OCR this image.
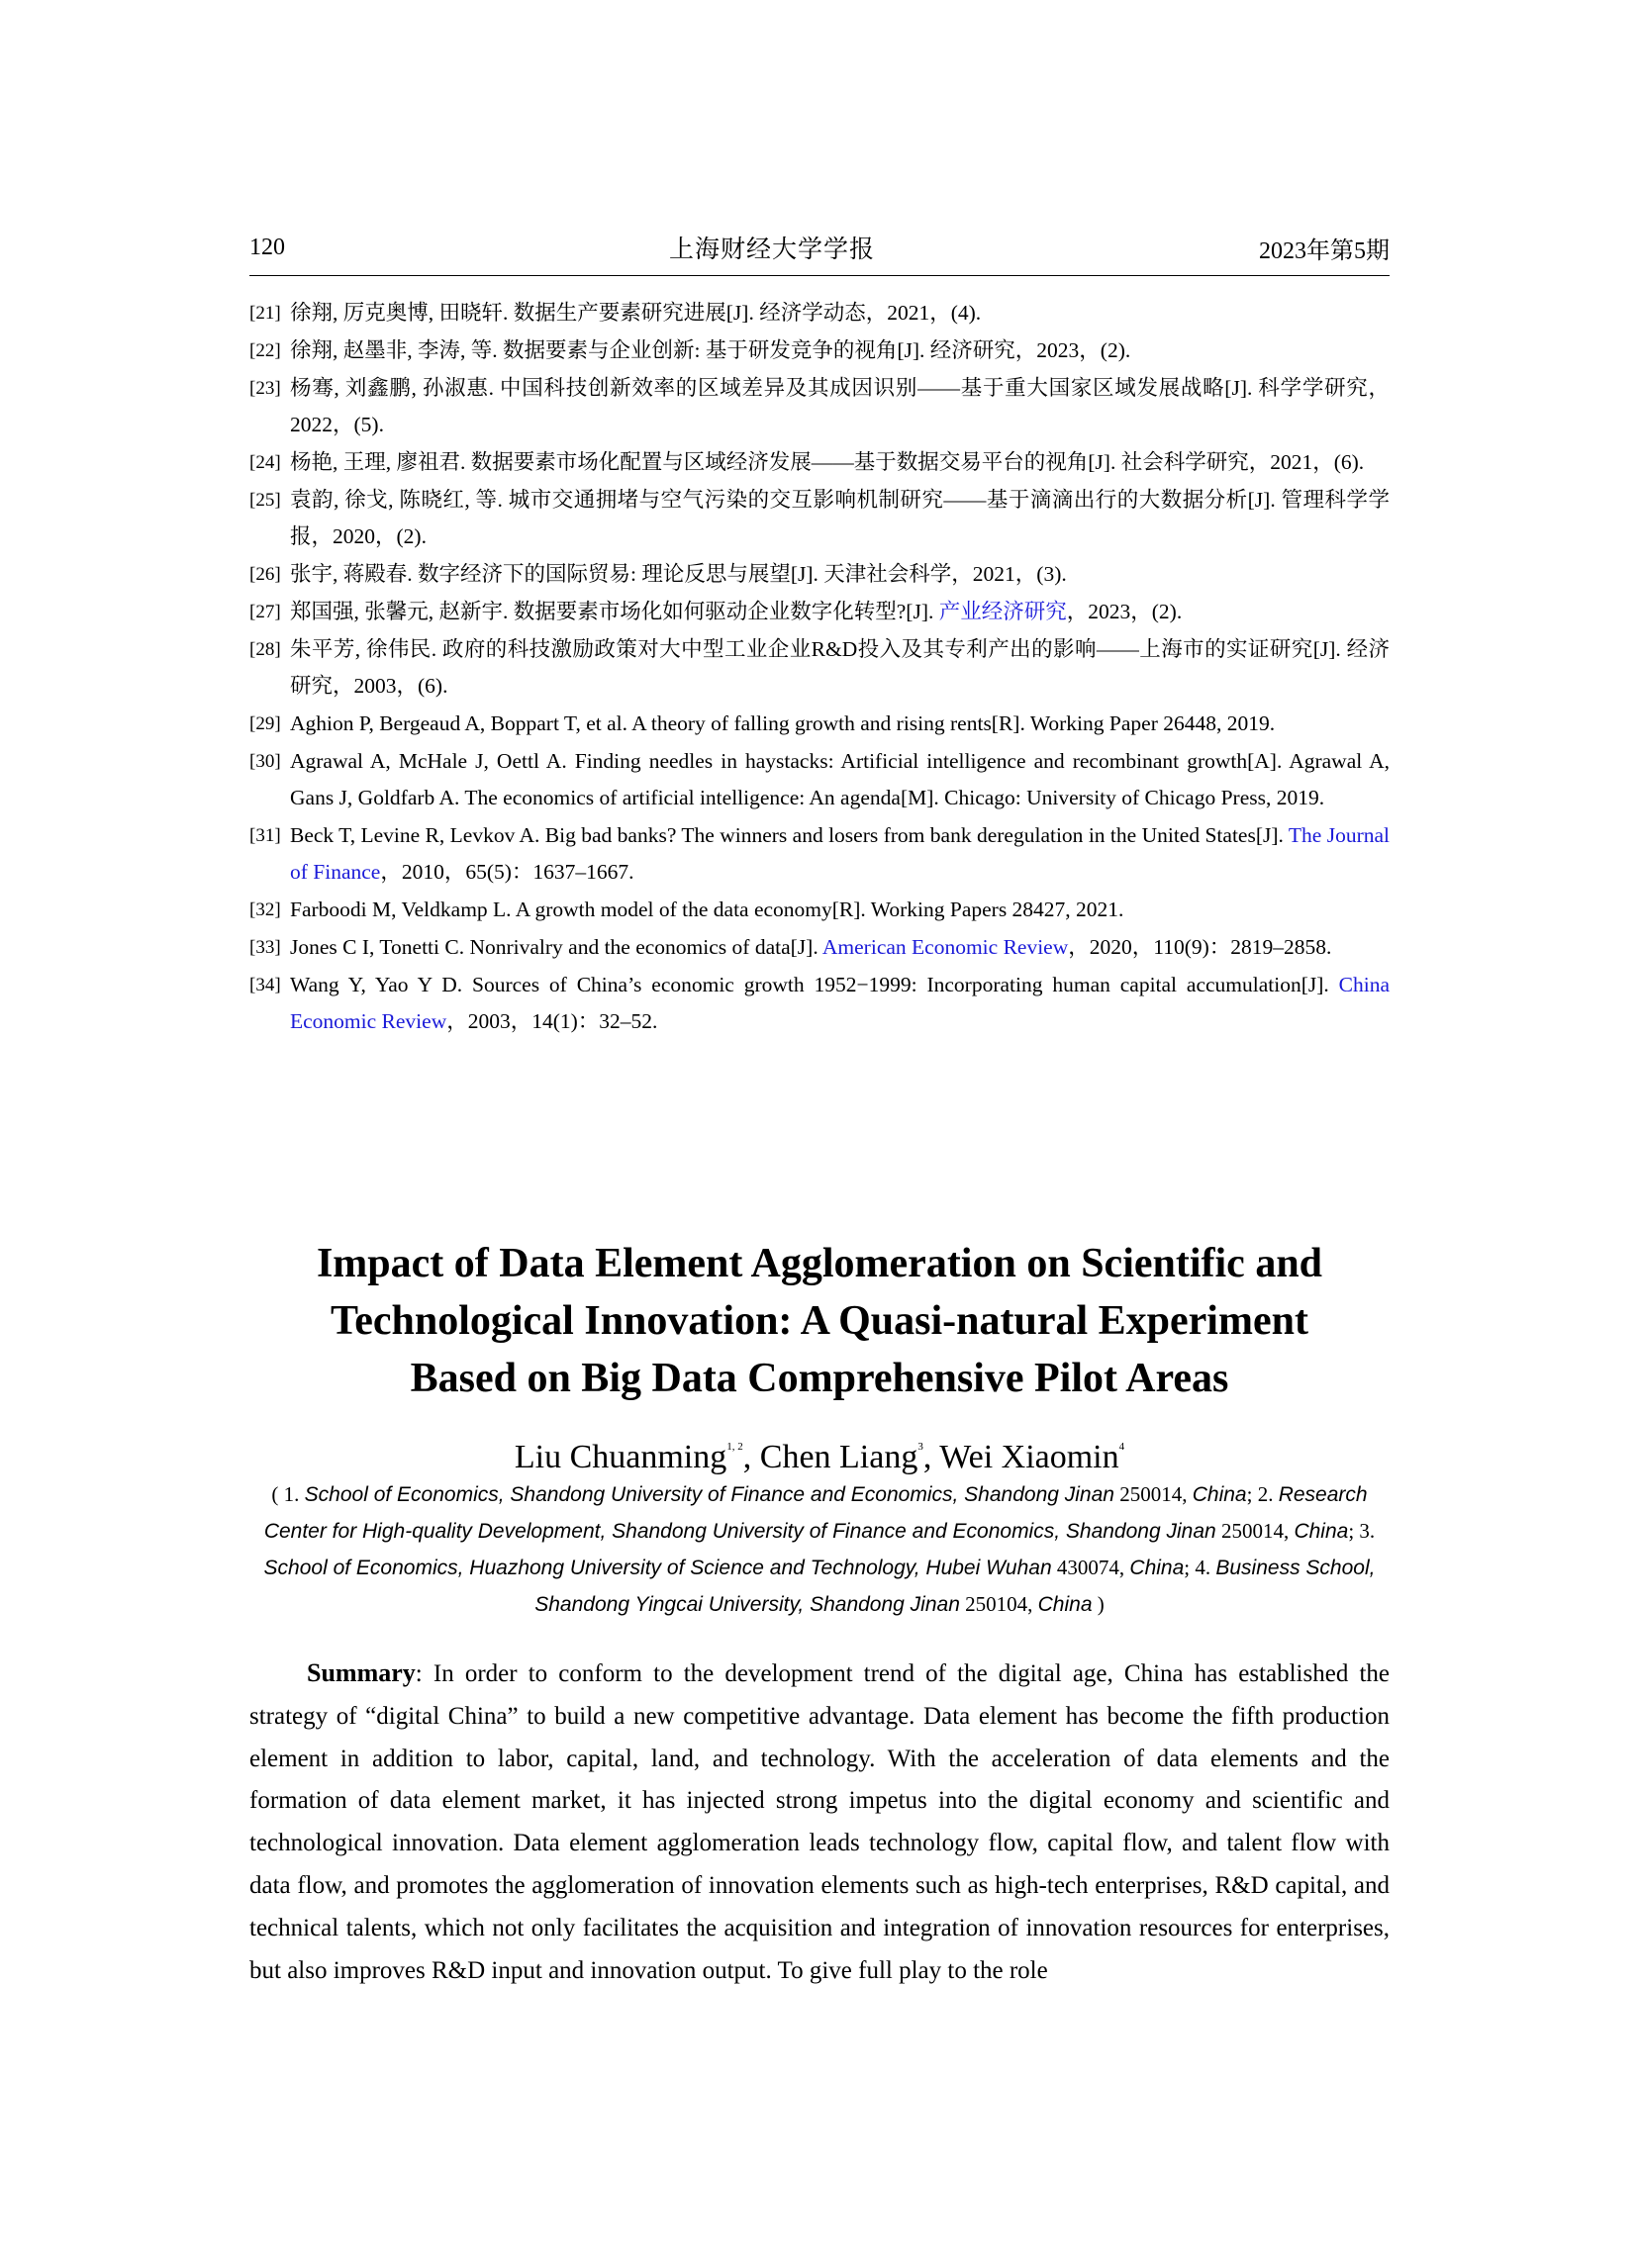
120	上海财经大学学报	2023年第5期
[21] 徐翔, 厉克奥博, 田晓轩. 数据生产要素研究进展[J]. 经济学动态，2021，(4).
[22] 徐翔, 赵墨非, 李涛, 等. 数据要素与企业创新: 基于研发竞争的视角[J]. 经济研究，2023，(2).
[23] 杨骞, 刘鑫鹏, 孙淑惠. 中国科技创新效率的区域差异及其成因识别——基于重大国家区域发展战略[J]. 科学学研究，2022，(5).
[24] 杨艳, 王理, 廖祖君. 数据要素市场化配置与区域经济发展——基于数据交易平台的视角[J]. 社会科学研究，2021，(6).
[25] 袁韵, 徐戈, 陈晓红, 等. 城市交通拥堵与空气污染的交互影响机制研究——基于滴滴出行的大数据分析[J]. 管理科学学报，2020，(2).
[26] 张宇, 蒋殿春. 数字经济下的国际贸易: 理论反思与展望[J]. 天津社会科学，2021，(3).
[27] 郑国强, 张馨元, 赵新宇. 数据要素市场化如何驱动企业数字化转型?[J]. 产业经济研究，2023，(2).
[28] 朱平芳, 徐伟民. 政府的科技激励政策对大中型工业企业R&D投入及其专利产出的影响——上海市的实证研究[J]. 经济研究，2003，(6).
[29] Aghion P, Bergeaud A, Boppart T, et al. A theory of falling growth and rising rents[R]. Working Paper 26448, 2019.
[30] Agrawal A, McHale J, Oettl A. Finding needles in haystacks: Artificial intelligence and recombinant growth[A]. Agrawal A, Gans J, Goldfarb A. The economics of artificial intelligence: An agenda[M]. Chicago: University of Chicago Press, 2019.
[31] Beck T, Levine R, Levkov A. Big bad banks? The winners and losers from bank deregulation in the United States[J]. The Journal of Finance，2010，65(5)：1637–1667.
[32] Farboodi M, Veldkamp L. A growth model of the data economy[R]. Working Papers 28427, 2021.
[33] Jones C I, Tonetti C. Nonrivalry and the economics of data[J]. American Economic Review，2020，110(9)：2819–2858.
[34] Wang Y, Yao Y D. Sources of China’s economic growth 1952−1999: Incorporating human capital accumulation[J]. China Economic Review，2003，14(1)：32–52.
Impact of Data Element Agglomeration on Scientific and
Technological Innovation: A Quasi-natural Experiment
Based on Big Data Comprehensive Pilot Areas
Liu Chuanming$^{1, 2}$, Chen Liang$^3$, Wei Xiaomin$^4$
( 1. School of Economics, Shandong University of Finance and Economics, Shandong Jinan 250014, China; 2. Research Center for High-quality Development, Shandong University of Finance and Economics, Shandong Jinan 250014, China; 3. School of Economics, Huazhong University of Science and Technology, Hubei Wuhan 430074, China; 4. Business School, Shandong Yingcai University, Shandong Jinan 250104, China )
Summary: In order to conform to the development trend of the digital age, China has established the strategy of “digital China” to build a new competitive advantage. Data element has become the fifth production element in addition to labor, capital, land, and technology. With the acceleration of data elements and the formation of data element market, it has injected strong impetus into the digital economy and scientific and technological innovation. Data element agglomeration leads technology flow, capital flow, and talent flow with data flow, and promotes the agglomeration of innovation elements such as high-tech enterprises, R&D capital, and technical talents, which not only facilitates the acquisition and integration of innovation resources for enterprises, but also improves R&D input and innovation output. To give full play to the role
